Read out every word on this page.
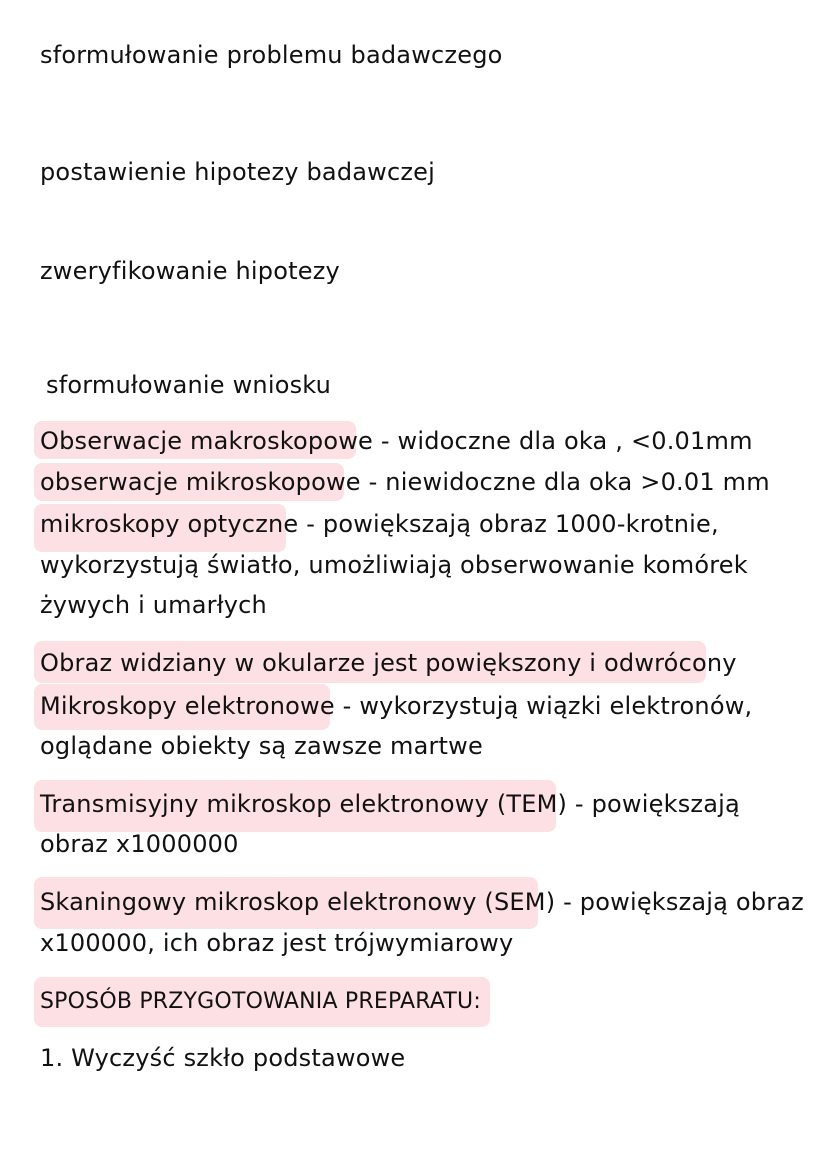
sformułowanie problemu badawczego
postawienie hipotezy badawczej
zweryfikowanie hipotezy
sformułowanie wniosku
Obserwacje makroskopowe - widoczne dla oka , <0.01mm
obserwacje mikroskopowe - niewidoczne dla oka >0.01 mm
mikroskopy optyczne - powiększają obraz 1000-krotnie,
wykorzystują światło, umożliwiają obserwowanie komórek
żywych i umarłych
Obraz widziany w okularze jest powiększony i odwrócony
Mikroskopy elektronowe - wykorzystują wiązki elektronów,
oglądane obiekty są zawsze martwe
Transmisyjny mikroskop elektronowy (TEM) - powiększają
obraz x1000000
Skaningowy mikroskop elektronowy (SEM) - powiększają obraz
x100000, ich obraz jest trójwymiarowy
SPOSÓB PRZYGOTOWANIA PREPARATU:
1. Wyczyść szkło podstawowe
